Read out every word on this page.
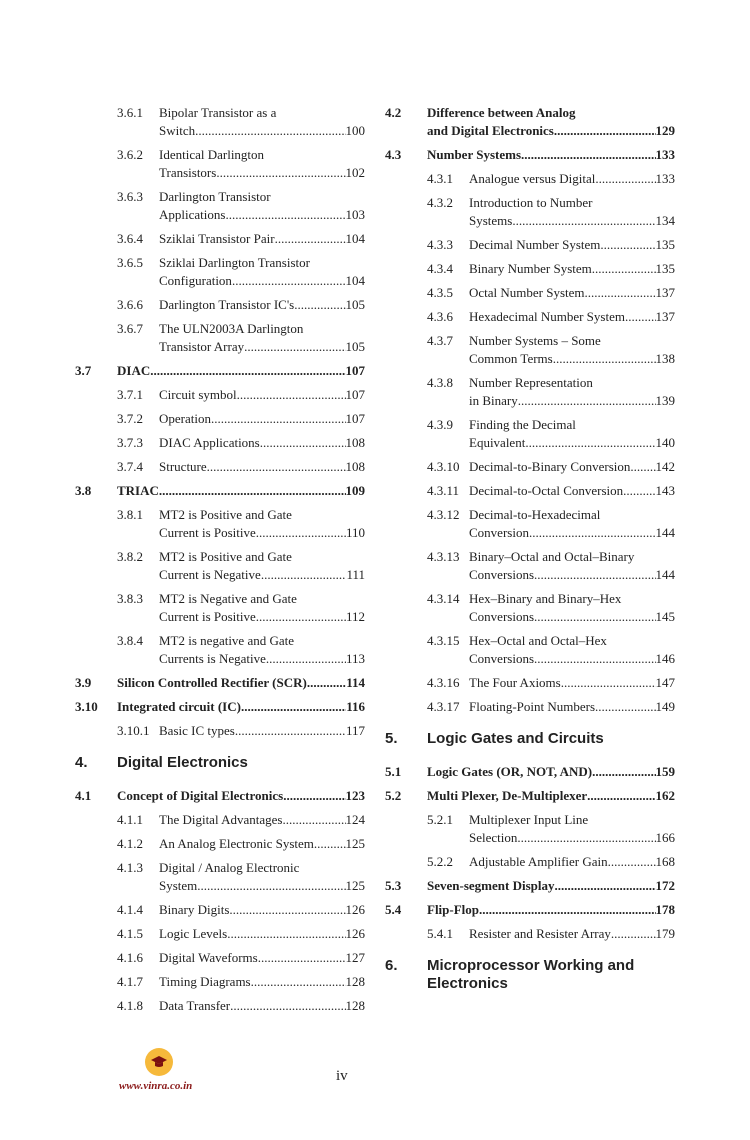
3.6.1	Bipolar Transistor as a
Switch .....	100
3.6.2	Identical Darlington
Transistors .....	102
3.6.3	Darlington Transistor
Applications .....	103
3.6.4	Sziklai Transistor Pair .....	104
3.6.5	Sziklai Darlington Transistor
Configuration .....	104
3.6.6	Darlington Transistor IC's .....	105
3.6.7	The ULN2003A Darlington
Transistor Array .....	105
3.7	DIAC .....	107
3.7.1	Circuit symbol .....	107
3.7.2	Operation .....	107
3.7.3	DIAC Applications .....	108
3.7.4	Structure .....	108
3.8	TRIAC .....	109
3.8.1	MT2 is Positive and Gate
Current is Positive .....	110
3.8.2	MT2 is Positive and Gate
Current is Negative .....	111
3.8.3	MT2 is Negative and Gate
Current is Positive .....	112
3.8.4	MT2 is negative and Gate
Currents is Negative .....	113
3.9	Silicon Controlled Rectifier (SCR) .....	114
3.10	Integrated circuit (IC) .....	116
3.10.1 Basic IC types .....	117
4.	Digital Electronics
4.1	Concept of Digital Electronics .....	123
4.1.1	The Digital Advantages .....	124
4.1.2	An Analog Electronic System ..... 125
4.1.3	Digital / Analog Electronic
System .....	125
4.1.4	Binary Digits .....	126
4.1.5	Logic Levels .....	126
4.1.6	Digital Waveforms .....	127
4.1.7	Timing Diagrams .....	128
4.1.8	Data Transfer .....	128
4.2	Difference between Analog
and Digital Electronics .....	129
4.3	Number Systems .....	133
4.3.1	Analogue versus Digital .....	133
4.3.2	Introduction to Number
Systems .....	134
4.3.3	Decimal Number System .....	135
4.3.4	Binary Number System .....	135
4.3.5	Octal Number System .....	137
4.3.6	Hexadecimal Number System ..... 137
4.3.7	Number Systems – Some
Common Terms .....	138
4.3.8	Number Representation
in Binary .....	139
4.3.9	Finding the Decimal
Equivalent .....	140
4.3.10 Decimal-to-Binary Conversion ..... 142
4.3.11 Decimal-to-Octal Conversion ..... 143
4.3.12 Decimal-to-Hexadecimal
Conversion .....	144
4.3.13 Binary–Octal and Octal–Binary
Conversions .....	144
4.3.14 Hex–Binary and Binary–Hex
Conversions .....	145
4.3.15 Hex–Octal and Octal–Hex
Conversions .....	146
4.3.16 The Four Axioms .....	147
4.3.17 Floating-Point Numbers .....	149
5.	Logic Gates and Circuits
5.1	Logic Gates (OR, NOT, AND) .....	159
5.2	Multi Plexer, De-Multiplexer .....	162
5.2.1	Multiplexer Input Line
Selection .....	166
5.2.2	Adjustable Amplifier Gain .....	168
5.3	Seven-segment Display .....	172
5.4	Flip-Flop .....	178
5.4.1	Resister and Resister Array .....	179
6.	Microprocessor Working and
Electronics
www.vinra.co.in
iv
